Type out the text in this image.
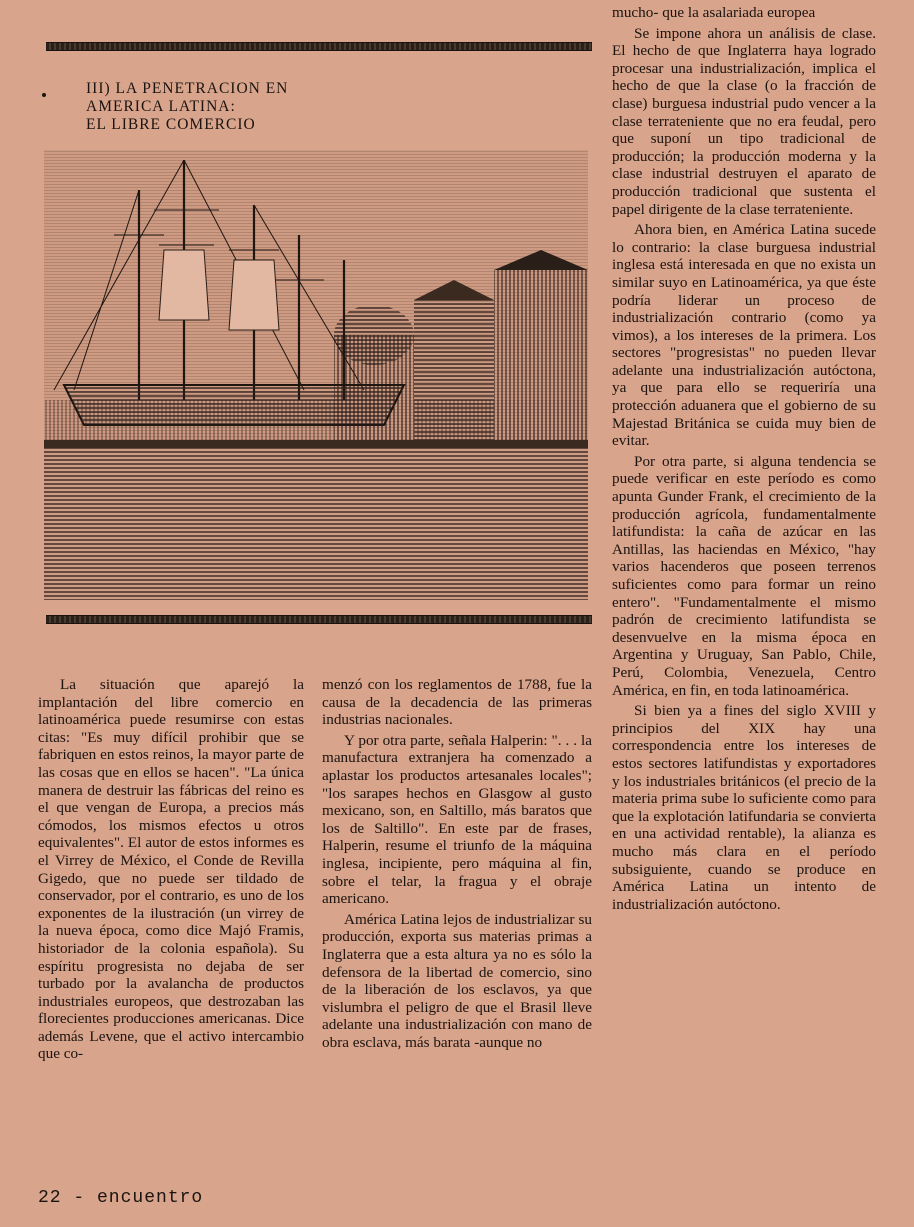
III) LA PENETRACION EN
AMERICA LATINA:
EL LIBRE COMERCIO

mucho- que la asalariada europea

Se impone ahora un análisis de clase. El hecho de que Inglaterra haya logrado procesar una industrialización, implica el hecho de que la clase (o la fracción de clase) burguesa industrial pudo vencer a la clase terrateniente que no era feudal, pero que suponí un tipo tradicional de producción; la producción moderna y la clase industrial destruyen el aparato de producción tradicional que sustenta el papel dirigente de la clase terrateniente.

Ahora bien, en América Latina sucede lo contrario: la clase burguesa industrial inglesa está interesada en que no exista un similar suyo en Latinoamérica, ya que éste podría liderar un proceso de industrialización contrario (como ya vimos), a los intereses de la primera. Los sectores "progresistas" no pueden llevar adelante una industrialización autóctona, ya que para ello se requeriría una protección aduanera que el gobierno de su Majestad Británica se cuida muy bien de evitar.

Por otra parte, si alguna tendencia se puede verificar en este período es como apunta Gunder Frank, el crecimiento de la producción agrícola, fundamentalmente latifundista: la caña de azúcar en las Antillas, las haciendas en México, "hay varios hacenderos que poseen terrenos suficientes como para formar un reino entero". "Fundamentalmente el mismo padrón de crecimiento latifundista se desenvuelve en la misma época en Argentina y Uruguay, San Pablo, Chile, Perú, Colombia, Venezuela, Centro América, en fin, en toda latinoamérica.

Si bien ya a fines del siglo XVIII y principios del XIX hay una correspondencia entre los intereses de estos sectores latifundistas y exportadores y los industriales británicos (el precio de la materia prima sube lo suficiente como para que la explotación latifundaria se convierta en una actividad rentable), la alianza es mucho más clara en el período subsiguiente, cuando se produce en América Latina un intento de industrialización autóctono.

La situación que aparejó la implantación del libre comercio en latinoamérica puede resumirse con estas citas: "Es muy difícil prohibir que se fabriquen en estos reinos, la mayor parte de las cosas que en ellos se hacen". "La única manera de destruir las fábricas del reino es el que vengan de Europa, a precios más cómodos, los mismos efectos u otros equivalentes". El autor de estos informes es el Virrey de México, el Conde de Revilla Gigedo, que no puede ser tildado de conservador, por el contrario, es uno de los exponentes de la ilustración (un virrey de la nueva época, como dice Majó Framis, historiador de la colonia española). Su espíritu progresista no dejaba de ser turbado por la avalancha de productos industriales europeos, que destrozaban las florecientes producciones americanas. Dice además Levene, que el activo intercambio que co-

menzó con los reglamentos de 1788, fue la causa de la decadencia de las primeras industrias nacionales.

Y por otra parte, señala Halperin: ". . . la manufactura extranjera ha comenzado a aplastar los productos artesanales locales"; "los sarapes hechos en Glasgow al gusto mexicano, son, en Saltillo, más baratos que los de Saltillo". En este par de frases, Halperin, resume el triunfo de la máquina inglesa, incipiente, pero máquina al fin, sobre el telar, la fragua y el obraje americano.

América Latina lejos de industrializar su producción, exporta sus materias primas a Inglaterra que a esta altura ya no es sólo la defensora de la libertad de comercio, sino de la liberación de los esclavos, ya que vislumbra el peligro de que el Brasil lleve adelante una industrialización con mano de obra esclava, más barata -aunque no

22 - encuentro
